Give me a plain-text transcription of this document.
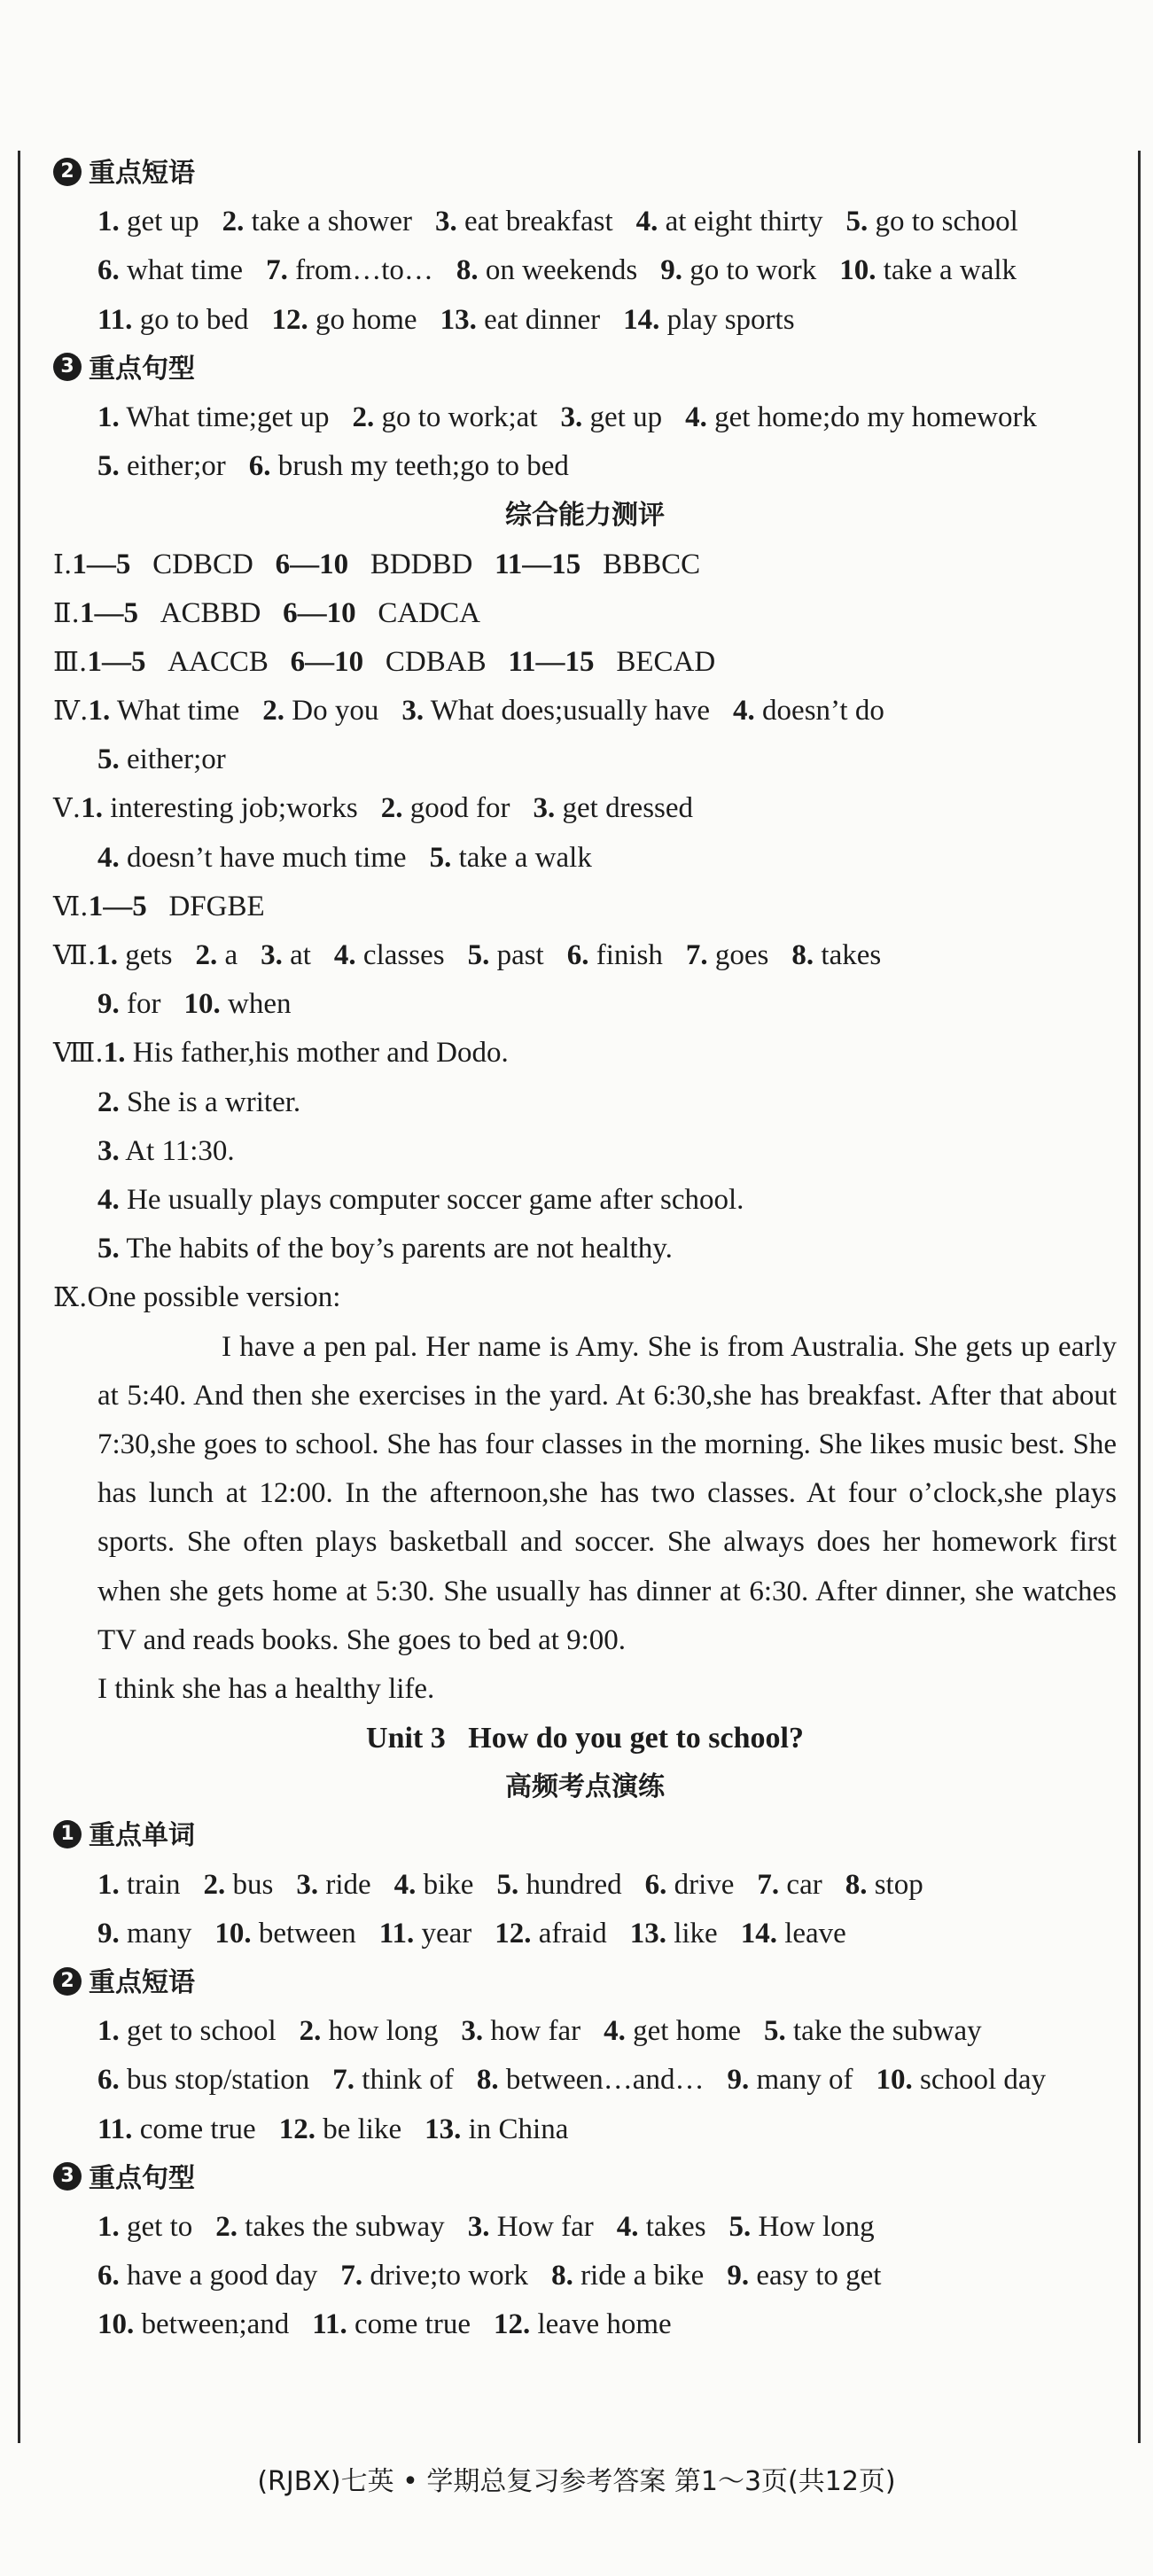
2 重点短语
1. get up 2. take a shower 3. eat breakfast 4. at eight thirty 5. go to school
6. what time 7. from…to… 8. on weekends 9. go to work 10. take a walk
11. go to bed 12. go home 13. eat dinner 14. play sports
3 重点句型
1. What time;get up 2. go to work;at 3. get up 4. get home;do my homework
5. either;or 6. brush my teeth;go to bed
综合能力测评
Ⅰ.1—5 CDBCD 6—10 BDDBD 11—15 BBBCC
Ⅱ.1—5 ACBBD 6—10 CADCA
Ⅲ.1—5 AACCB 6—10 CDBAB 11—15 BECAD
Ⅳ.1. What time 2. Do you 3. What does;usually have 4. doesn’t do
5. either;or
Ⅴ.1. interesting job;works 2. good for 3. get dressed
4. doesn’t have much time 5. take a walk
Ⅵ.1—5 DFGBE
Ⅶ.1. gets 2. a 3. at 4. classes 5. past 6. finish 7. goes 8. takes
9. for 10. when
Ⅷ.1. His father,his mother and Dodo.
2. She is a writer.
3. At 11:30.
4. He usually plays computer soccer game after school.
5. The habits of the boy’s parents are not healthy.
Ⅸ.One possible version:
I have a pen pal. Her name is Amy. She is from Australia. She gets up early at 5:40. And then she exercises in the yard. At 6:30,she has breakfast. After that about 7:30,she goes to school. She has four classes in the morning. She likes music best. She has lunch at 12:00. In the afternoon,she has two classes. At four o’clock,she plays sports. She often plays basketball and soccer. She always does her homework first when she gets home at 5:30. She usually has dinner at 6:30. After dinner, she watches TV and reads books. She goes to bed at 9:00.
I think she has a healthy life.
Unit 3 How do you get to school?
高频考点演练
1 重点单词
1. train 2. bus 3. ride 4. bike 5. hundred 6. drive 7. car 8. stop
9. many 10. between 11. year 12. afraid 13. like 14. leave
2 重点短语
1. get to school 2. how long 3. how far 4. get home 5. take the subway
6. bus stop/station 7. think of 8. between…and… 9. many of 10. school day
11. come true 12. be like 13. in China
3 重点句型
1. get to 2. takes the subway 3. How far 4. takes 5. How long
6. have a good day 7. drive;to work 8. ride a bike 9. easy to get
10. between;and 11. come true 12. leave home
(RJBX)七英 • 学期总复习参考答案 第1～3页(共12页)
